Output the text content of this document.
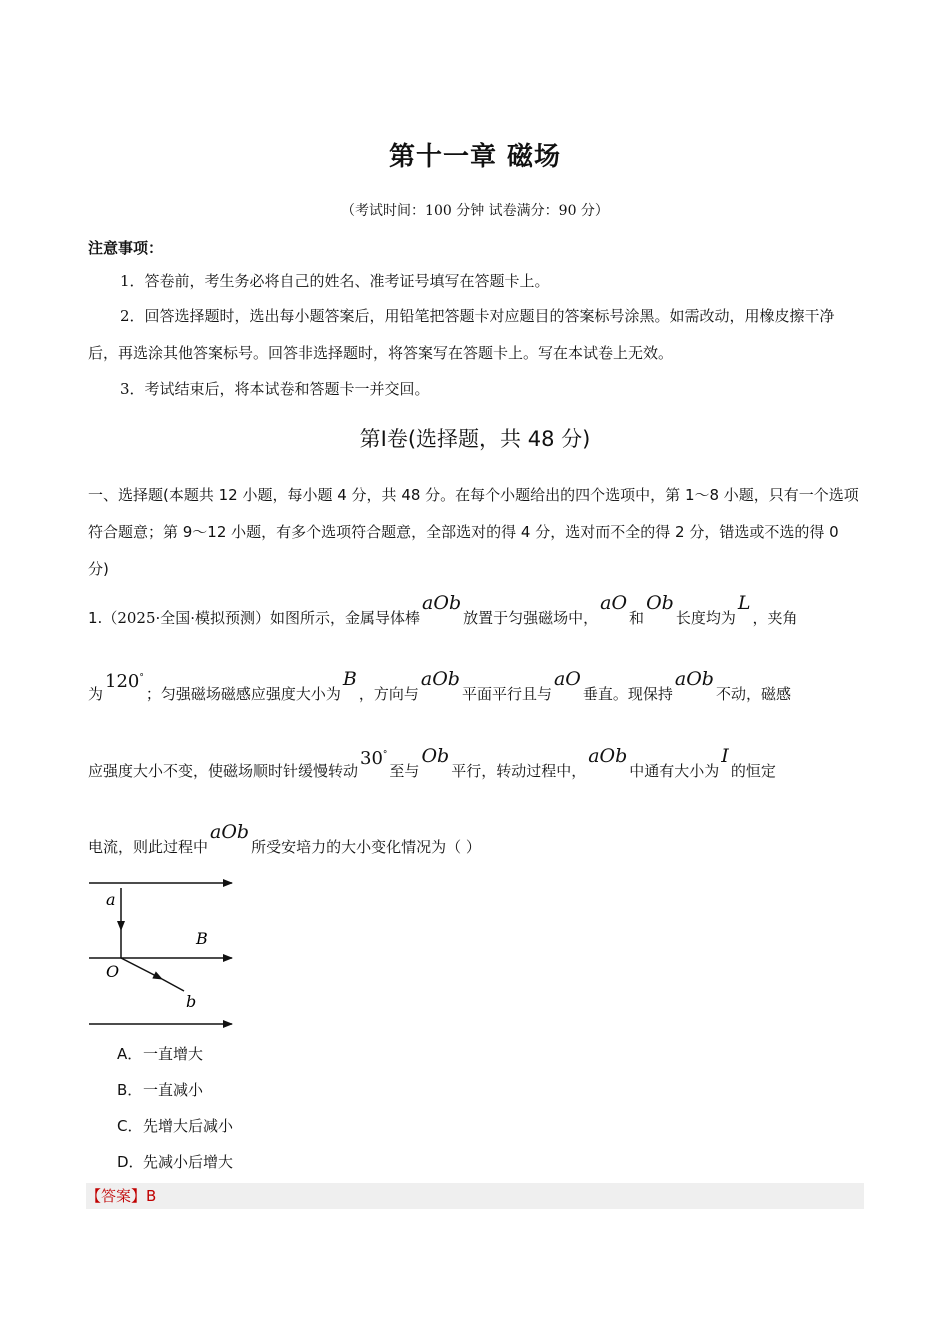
第十一章 磁场
（考试时间：100 分钟 试卷满分：90 分）
注意事项：
1．答卷前，考生务必将自己的姓名、准考证号填写在答题卡上。
2．回答选择题时，选出每小题答案后，用铅笔把答题卡对应题目的答案标号涂黑。如需改动，用橡皮擦干净后，再选涂其他答案标号。回答非选择题时，将答案写在答题卡上。写在本试卷上无效。
3．考试结束后，将本试卷和答题卡一并交回。
第Ⅰ卷(选择题，共 48 分)
一、选择题(本题共 12 小题，每小题 4 分，共 48 分。在每个小题给出的四个选项中，第 1～8 小题，只有一个选项符合题意；第 9～12 小题，有多个选项符合题意，全部选对的得 4 分，选对而不全的得 2 分，错选或不选的得 0 分)
1.（2025·全国·模拟预测）如图所示，金属导体棒aOb放置于匀强磁场中，aO和Ob长度均为L，夹角
为120°；匀强磁场磁感应强度大小为B，方向与aOb平面平行且与aO垂直。现保持aOb不动，磁感
应强度大小不变，使磁场顺时针缓慢转动30°至与Ob平行，转动过程中，aOb中通有大小为I的恒定
电流，则此过程中aOb所受安培力的大小变化情况为（ ）
a
B
O
b
A．一直增大
B．一直减小
C．先增大后减小
D．先减小后增大
【答案】B
